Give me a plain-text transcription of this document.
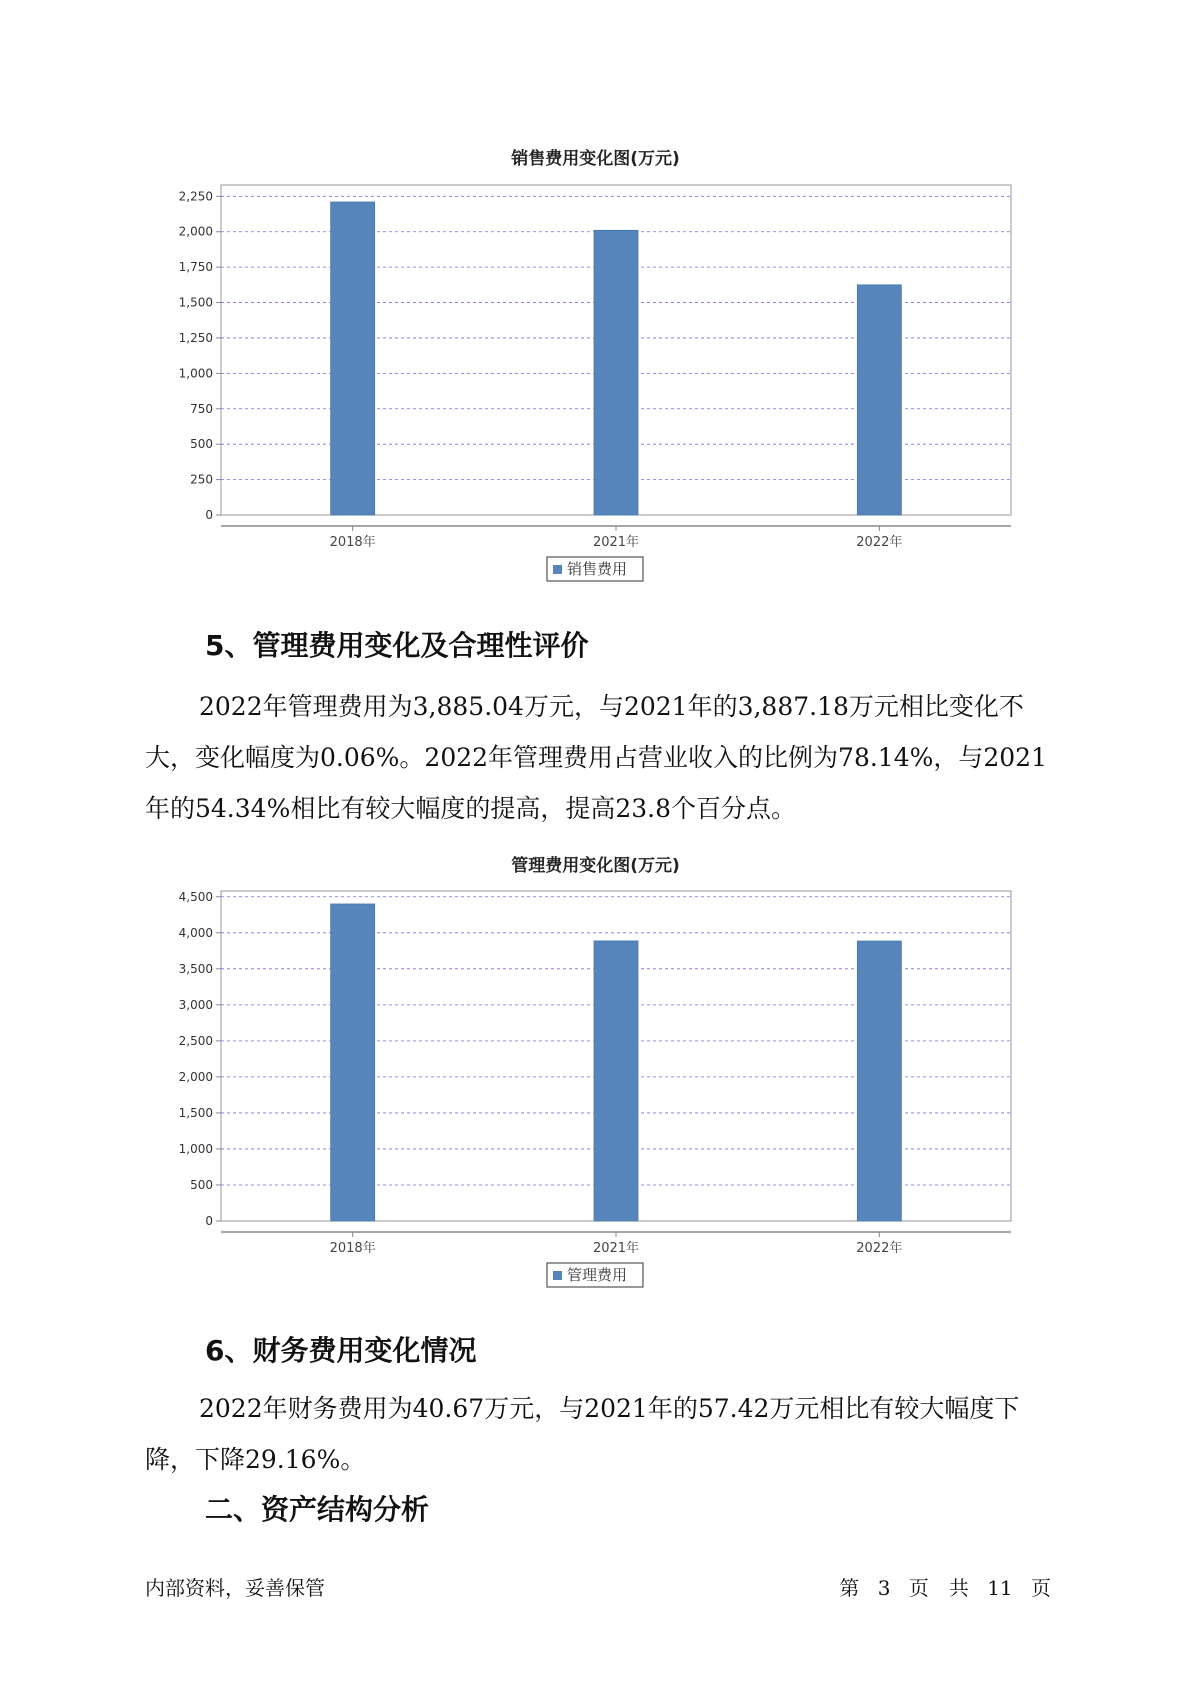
销售费用变化图(万元)
0
250
500
750
1,000
1,250
1,500
1,750
2,000
2,250
2018年	2021年	2022年
销售费用
5、管理费用变化及合理性评价
2022年管理费用为3,885.04万元，与2021年的3,887.18万元相比变化不大，变化幅度为0.06%。2022年管理费用占营业收入的比例为78.14%，与2021年的54.34%相比有较大幅度的提高，提高23.8个百分点。
管理费用变化图(万元)
0
500
1,000
1,500
2,000
2,500
3,000
3,500
4,000
4,500
2018年	2021年	2022年
管理费用
6、财务费用变化情况
2022年财务费用为40.67万元，与2021年的57.42万元相比有较大幅度下降，下降29.16%。
二、资产结构分析
内部资料，妥善保管	第 3 页　共 11 页
